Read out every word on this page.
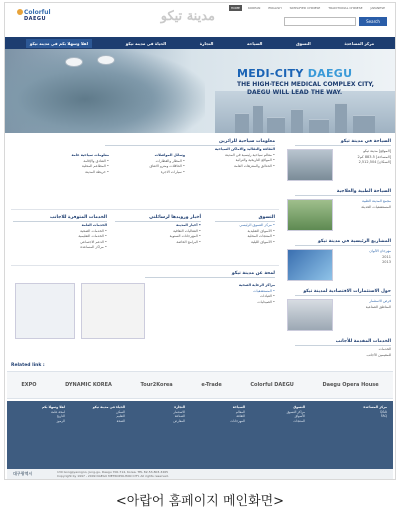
Colorful
DAEGU	مدينة تيكو
HOME	KOREAN	ENGLISH	SIMPLIFIED CHINESE	TRADITIONAL CHINESE	JAPANESE
Search
مركز المساعدة
التسوق
السياحة
التجارة
الحياة في مدينة تيكو
اهلا وسهلا بكم في مدينة تيكو
MEDI-CITY DAEGU
THE HIGH-TECH MEDICAL COMPLEX CITY,
DAEGU WILL LEAD THE WAY.
معلومات سياحية للزائرين
الثقافة والتقاليد والاماكن السياحية
• معالم سياحية رئيسية في المدينة
• المواقع التاريخية والتراثية
• الحدائق والمنتزهات العامة
وسائل المواصلات
• المطار والقطارات
• الحافلات ومترو الانفاق
• سيارات الاجرة
معلومات سياحية عامة
• الفنادق والإقامة
• المطاعم المحلية
• خريطة المدينة
التسوق
• مركز التسوق الرئيسي
• الأسواق التقليدية
• المنتجات المحلية
• الأسواق الليلية
أخبار ورويدها لرسائلني
• أخبار المدينة
• الفعاليات الثقافية
• المهرجانات السنوية
• البرامج الخاصة
الخدمات المتوفرة للاجانب
الخدمات العامة
• الخدمات الصحية
• الخدمات التعليمية
• الدعم الاجتماعي
• مراكز المساعدة
لمحة عن مدينة تيكو
مراكز الرعاية الصحية
• المستشفيات
• العيادات
• الصيدليات
السياحة في مدينة تيكو
[الموقع] مدينة تيكو
[المساحة] 883.5 كم2
[السكان] 2,512,504
السياحة الطبية والعلاجية
مجمع المدينة الطبية
المستشفيات الحديثة
المشاريع الرئيسية في مدينة تيكو
مهرجان الألوان
2011
2013
حول الاستثمارات الاقتصادية لمدينة تيكو
فرص الاستثمار
المناطق الصناعية
الخدمات المقدمة للأجانب
الخدمات
للمقيمين الأجانب
Related link :
EXPO	DYNAMIC KOREA	Tour2Korea	e-Trade	Colorful DAEGU	Daegu Opera House
مركز المساعدة
Q&A
FAQ
التسوق
مراكز التسوق
الأسواق
المنتجات
السياحة
المعالم
الثقافة
المهرجانات
التجارة
الاستثمار
الصناعة
المعارض
الحياة في مدينة تيكو
السكن
التعليم
الصحة
اهلا وسهلا بكم
لمحة عامة
التاريخ
الرموز
대구광역시	130 Gongpyeongno, Jung-gu, Daegu 700-714, Korea. TEL 82-53-803-3265
Copyright by 1997 - 2009 DAEGU METROPOLITAN CITY. All rights reserved.
<아랍어 홈페이지 메인화면>
